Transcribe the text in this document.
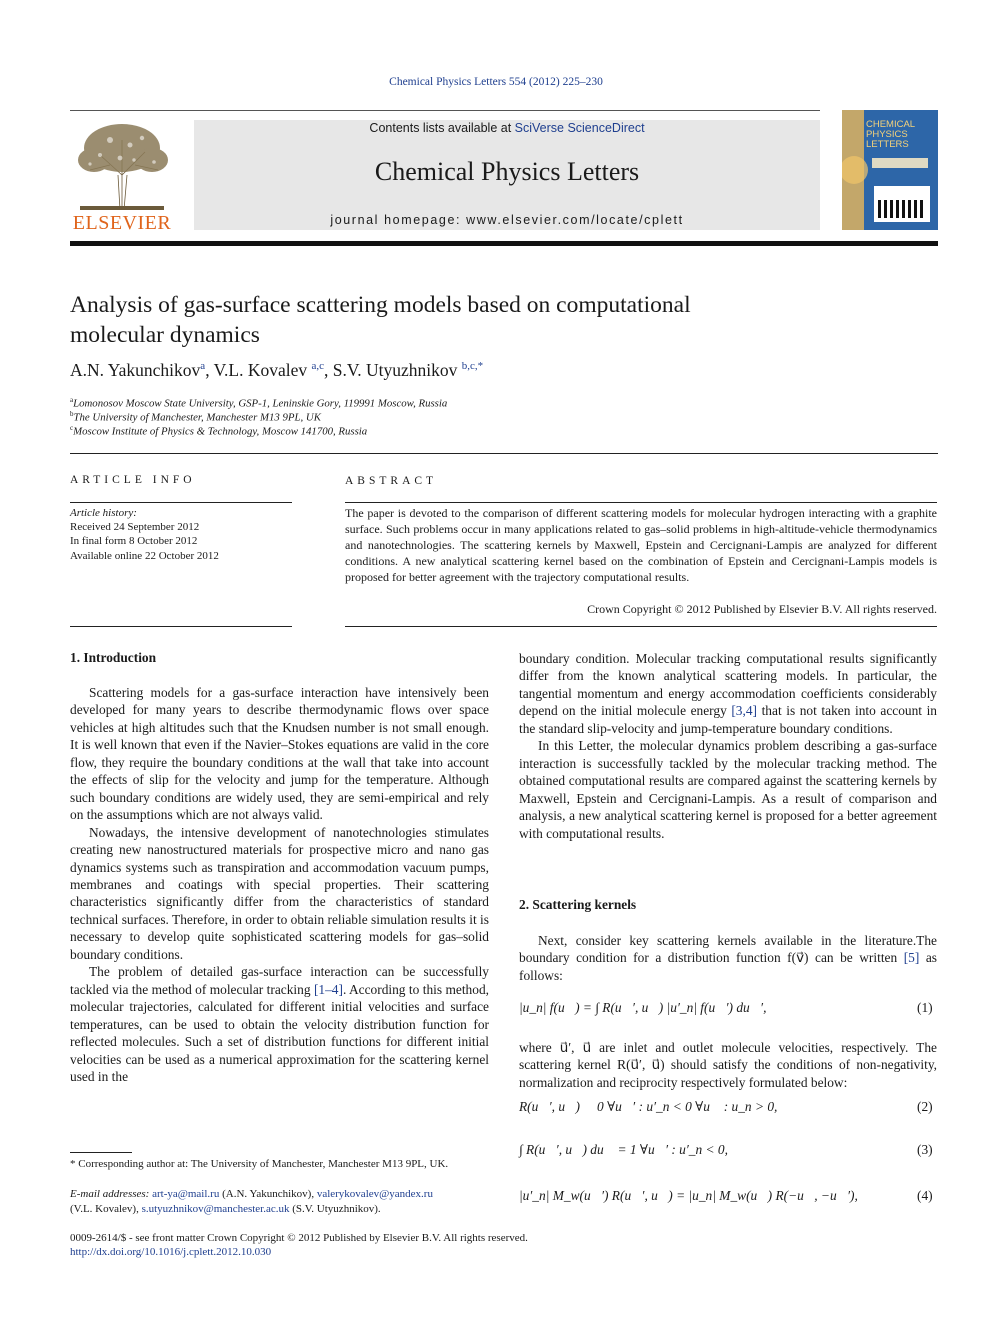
Chemical Physics Letters 554 (2012) 225–230
ELSEVIER
Contents lists available at SciVerse ScienceDirect
Chemical Physics Letters
journal homepage: www.elsevier.com/locate/cplett
CHEMICAL
PHYSICS
LETTERS
Analysis of gas-surface scattering models based on computational
molecular dynamics
A.N. Yakunchikov$^a$, V.L. Kovalev $^{a,c}$, S.V. Utyuzhnikov $^{b,c,*}$
$^a$Lomonosov Moscow State University, GSP-1, Leninskie Gory, 119991 Moscow, Russia
$^b$The University of Manchester, Manchester M13 9PL, UK
$^c$Moscow Institute of Physics & Technology, Moscow 141700, Russia
ARTICLE INFO
Article history:
Received 24 September 2012
In final form 8 October 2012
Available online 22 October 2012
ABSTRACT
The paper is devoted to the comparison of different scattering models for molecular hydrogen interacting with a graphite surface. Such problems occur in many applications related to gas–solid problems in high-altitude-vehicle thermodynamics and nanotechnologies. The scattering kernels by Maxwell, Epstein and Cercignani-Lampis are analyzed for different conditions. A new analytical scattering kernel based on the combination of Epstein and Cercignani-Lampis models is proposed for better agreement with the trajectory computational results.
Crown Copyright © 2012 Published by Elsevier B.V. All rights reserved.
1. Introduction

Scattering models for a gas-surface interaction have intensively been developed for many years to describe thermodynamic flows over space vehicles at high altitudes such that the Knudsen number is not small enough. It is well known that even if the Navier–Stokes equations are valid in the core flow, they require the boundary conditions at the wall that take into account the effects of slip for the velocity and jump for the temperature. Although such boundary conditions are widely used, they are semi-empirical and rely on the assumptions which are not always valid.

Nowadays, the intensive development of nanotechnologies stimulates creating new nanostructured materials for prospective micro and nano gas dynamics systems such as transpiration and accommodation vacuum pumps, membranes and coatings with special properties. Their scattering characteristics significantly differ from the characteristics of standard technical surfaces. Therefore, in order to obtain reliable simulation results it is necessary to develop quite sophisticated scattering models for gas–solid boundary conditions.

The problem of detailed gas-surface interaction can be successfully tackled via the method of molecular tracking [1–4]. According to this method, molecular trajectories, calculated for different initial velocities and surface temperatures, can be used to obtain the velocity distribution function for reflected molecules. Such a set of distribution functions for different initial velocities can be used as a numerical approximation for the scattering kernel used in the

boundary condition. Molecular tracking computational results significantly differ from the known analytical scattering models. In particular, the tangential momentum and energy accommodation coefficients considerably depend on the initial molecule energy [3,4] that is not taken into account in the standard slip-velocity and jump-temperature boundary conditions.

In this Letter, the molecular dynamics problem describing a gas-surface interaction is successfully tackled by the molecular tracking method. The obtained computational results are compared against the scattering kernels by Maxwell, Epstein and Cercignani-Lampis. As a result of comparison and analysis, a new analytical scattering kernel is proposed for a better agreement with computational results.

2. Scattering kernels

Next, consider key scattering kernels available in the literature.The boundary condition for a distribution function f(v⃗) can be written [5] as follows:

|u_n| f(u⃗) = ∫ R(u⃗′, u⃗) |u′_n| f(u⃗′) du⃗′,	(1)

where u⃗′, u⃗ are inlet and outlet molecule velocities, respectively. The scattering kernel R(u⃗′, u⃗) should satisfy the conditions of non-negativity, normalization and reciprocity respectively formulated below:

R(u⃗′, u⃗) ⩾ 0 ∀u⃗′ : u′_n < 0 ∀u⃗ : u_n > 0,	(2)
∫ R(u⃗′, u⃗) du⃗ = 1 ∀u⃗′ : u′_n < 0,	(3)
|u′_n| M_w(u⃗′) R(u⃗′, u⃗) = |u_n| M_w(u⃗) R(−u⃗, −u⃗′),	(4)
* Corresponding author at: The University of Manchester, Manchester M13 9PL, UK.
E-mail addresses: art-ya@mail.ru (A.N. Yakunchikov), valerykovalev@yandex.ru
(V.L. Kovalev), s.utyuzhnikov@manchester.ac.uk (S.V. Utyuzhnikov).
0009-2614/$ - see front matter Crown Copyright © 2012 Published by Elsevier B.V. All rights reserved.
http://dx.doi.org/10.1016/j.cplett.2012.10.030
